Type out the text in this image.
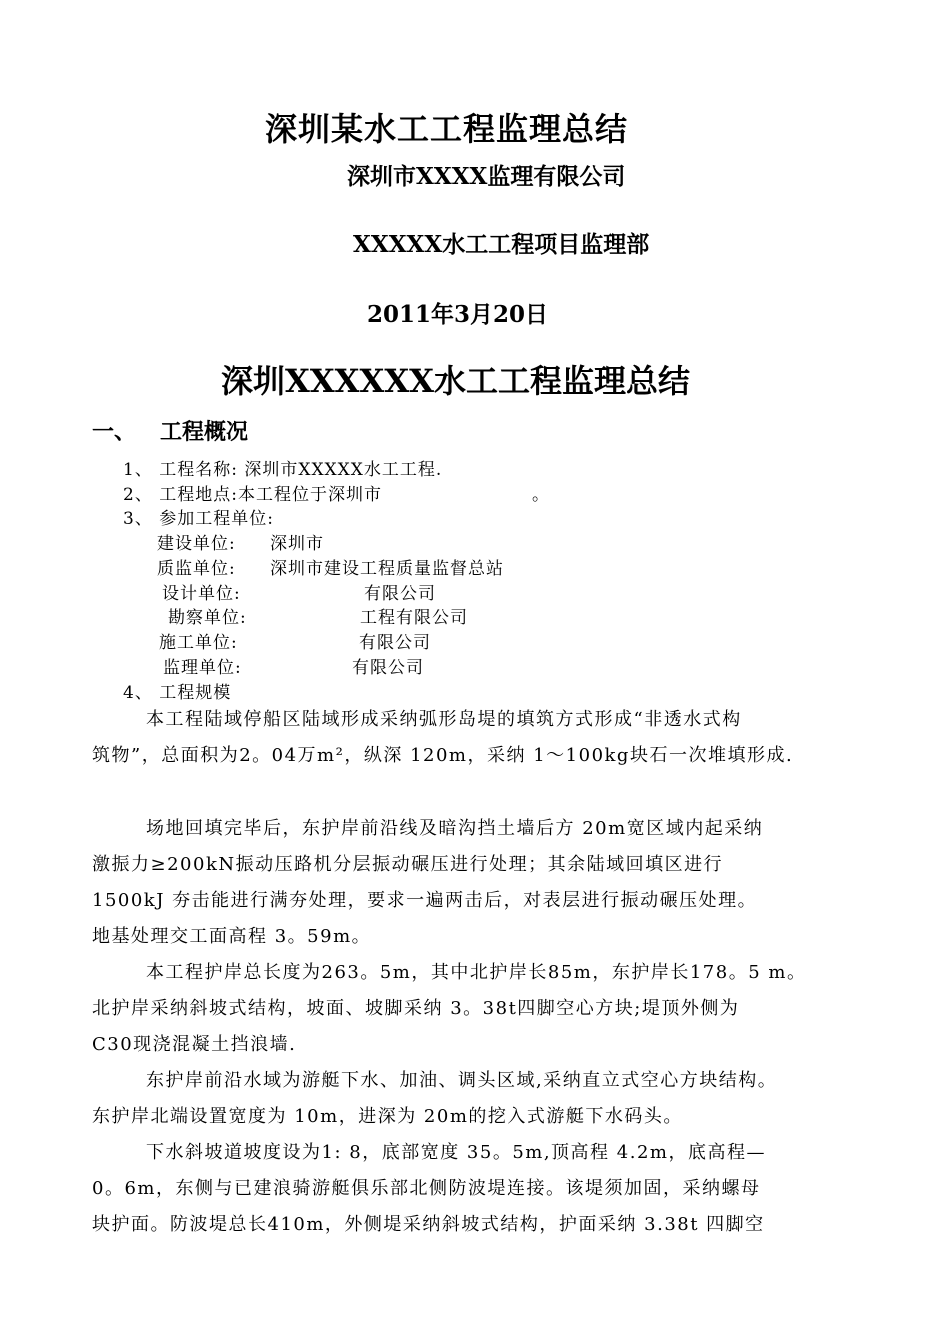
深圳某水工工程监理总结
深圳市XXXX监理有限公司
XXXXX水工工程项目监理部
2011年3月20日
深圳XXXXXX水工工程监理总结
一、 工程概况
1、 工程名称: 深圳市XXXXX水工工程.
2、 工程地点:本工程位于深圳市	。
3、 参加工程单位:
建设单位: 深圳市
质监单位: 深圳市建设工程质量监督总站
设计单位:	有限公司
勘察单位:	工程有限公司
施工单位:	有限公司
监理单位:	有限公司
4、 工程规模
本工程陆域停船区陆域形成采纳弧形岛堤的填筑方式形成“非透水式构
筑物”，总面积为2。04万m²，纵深 120m，采纳 1～100kg块石一次堆填形成.
场地回填完毕后，东护岸前沿线及暗沟挡土墙后方 20m宽区域内起采纳
激振力≥200kN振动压路机分层振动碾压进行处理；其余陆域回填区进行
1500kJ 夯击能进行满夯处理，要求一遍两击后，对表层进行振动碾压处理。
地基处理交工面高程 3。59m。
本工程护岸总长度为263。5m，其中北护岸长85m，东护岸长178。5 m。
北护岸采纳斜坡式结构，坡面、坡脚采纳 3。38t四脚空心方块;堤顶外侧为
C30现浇混凝土挡浪墙.
东护岸前沿水域为游艇下水、加油、调头区域,采纳直立式空心方块结构。
东护岸北端设置宽度为 10m，进深为 20m的挖入式游艇下水码头。
下水斜坡道坡度设为1: 8，底部宽度 35。5m,顶高程 4.2m，底高程—
0。6m，东侧与已建浪骑游艇俱乐部北侧防波堤连接。该堤须加固，采纳螺母
块护面。防波堤总长410m，外侧堤采纳斜坡式结构，护面采纳 3.38t 四脚空
